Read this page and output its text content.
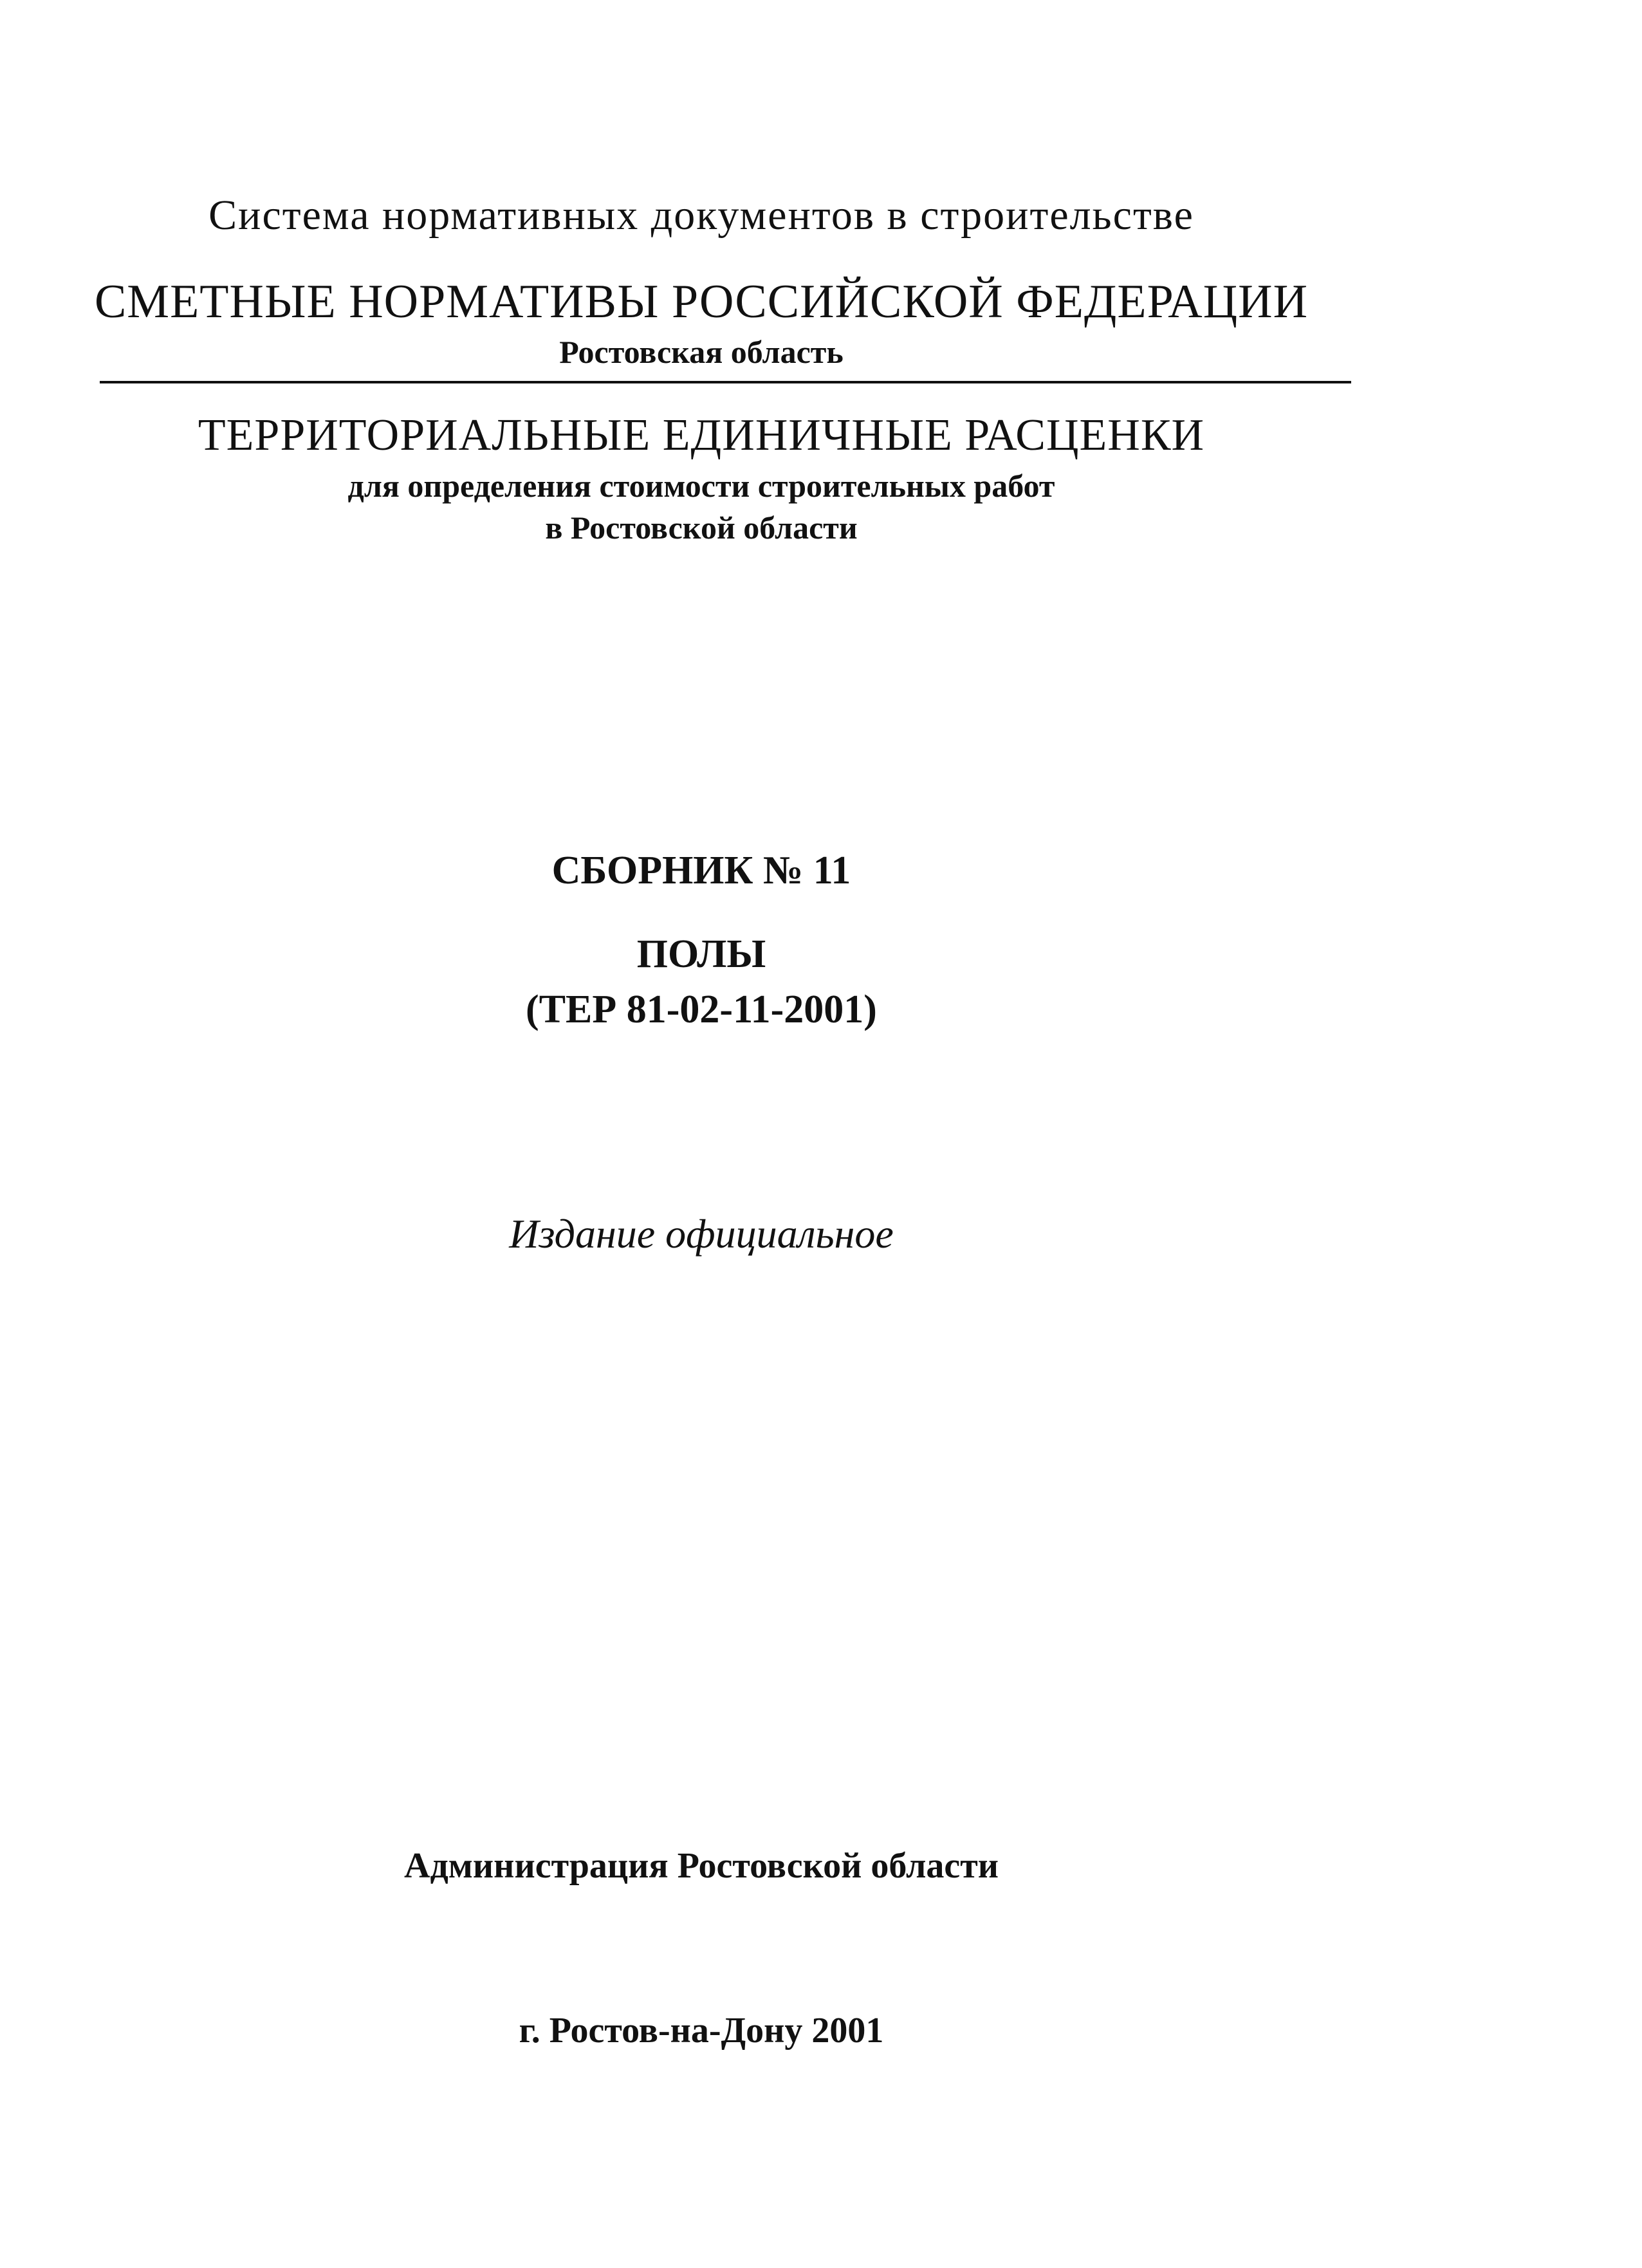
Система нормативных документов в строительстве
СМЕТНЫЕ НОРМАТИВЫ РОССИЙСКОЙ ФЕДЕРАЦИИ
Ростовская область
ТЕРРИТОРИАЛЬНЫЕ ЕДИНИЧНЫЕ РАСЦЕНКИ
для определения стоимости строительных работ
в Ростовской области
СБОРНИК № 11
ПОЛЫ
(ТЕР 81-02-11-2001)
Издание официальное
Администрация Ростовской области
г. Ростов-на-Дону 2001
